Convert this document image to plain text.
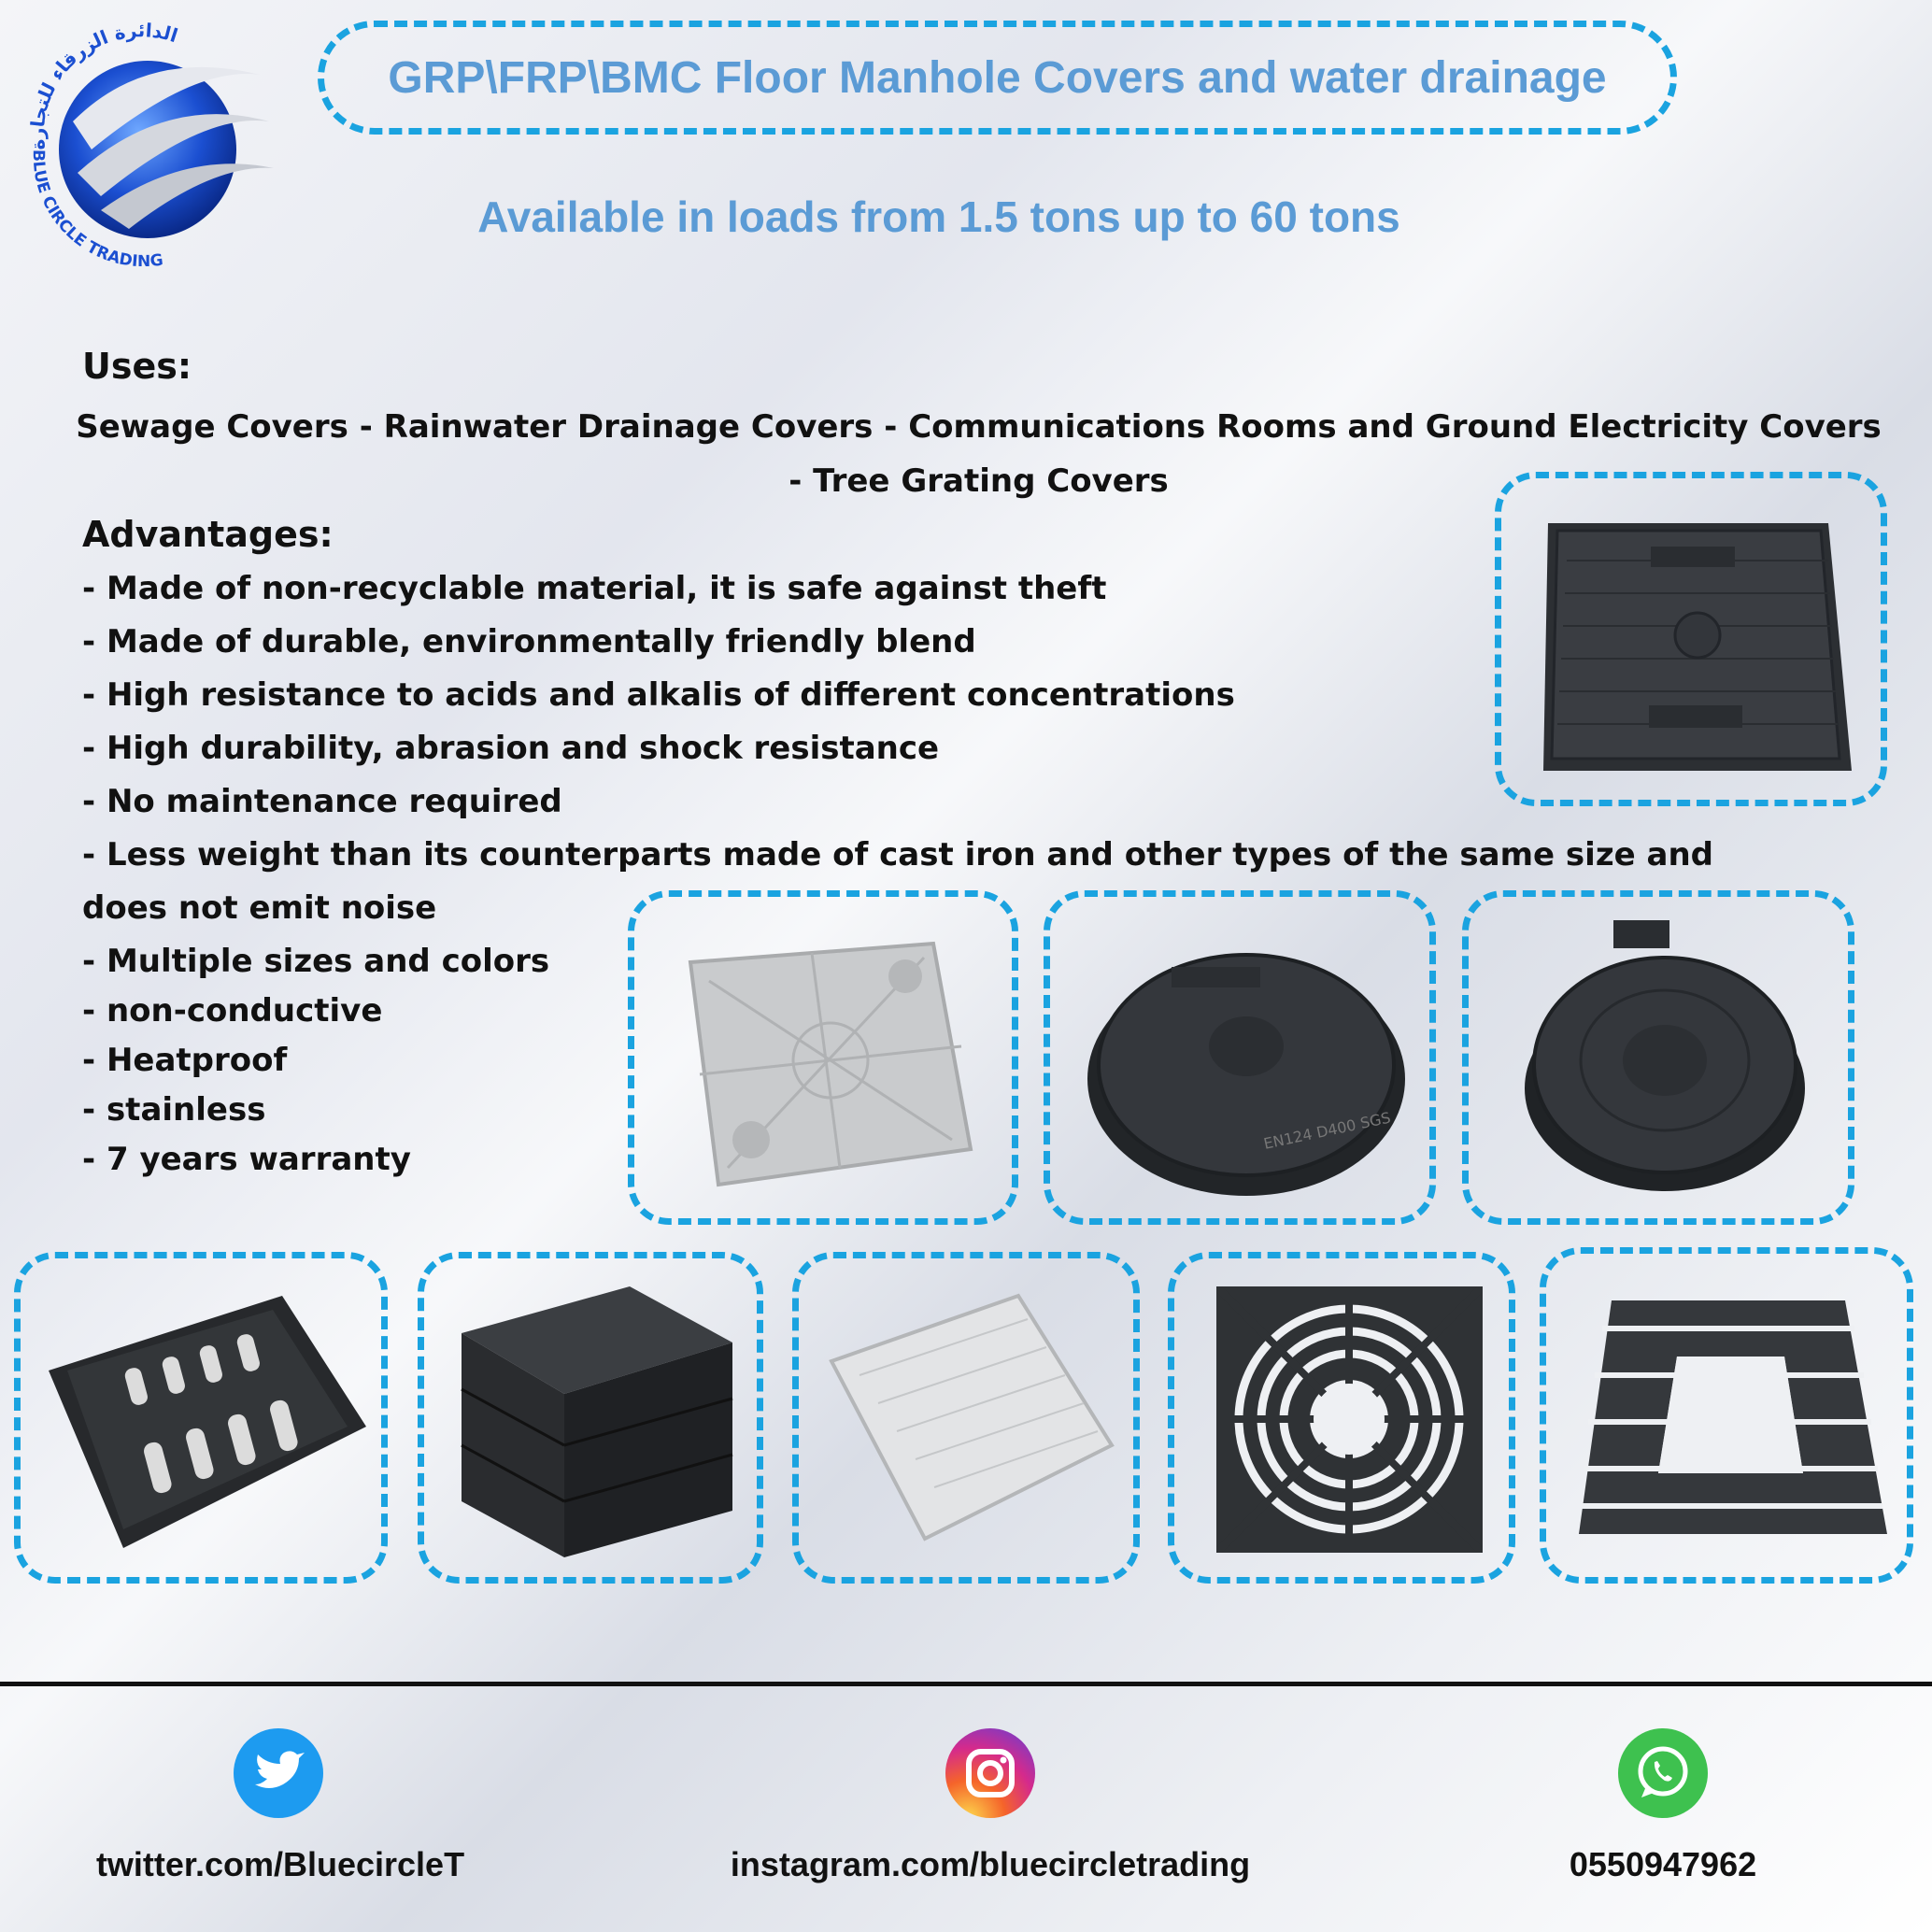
الدائرة الزرقاء للتجارة
BLUE CIRCLE TRADING
GRP\FRP\BMC Floor Manhole Covers and water drainage
Available in loads from 1.5 tons up to 60 tons
Uses:
Sewage Covers - Rainwater Drainage Covers - Communications Rooms and Ground Electricity Covers - Tree Grating Covers
Advantages:
- Made of non-recyclable material, it is safe against theft
- Made of durable, environmentally friendly blend
- High resistance to acids and alkalis of different concentrations
- High durability, abrasion and shock resistance
- No maintenance required
- Less weight than its counterparts made of cast iron and other types of the same size and
does not emit noise
- Multiple sizes and colors
- non-conductive
- Heatproof
- stainless
- 7 years warranty
EN124 D400 SGS
twitter.com/BluecircleT	instagram.com/bluecircletrading	0550947962
